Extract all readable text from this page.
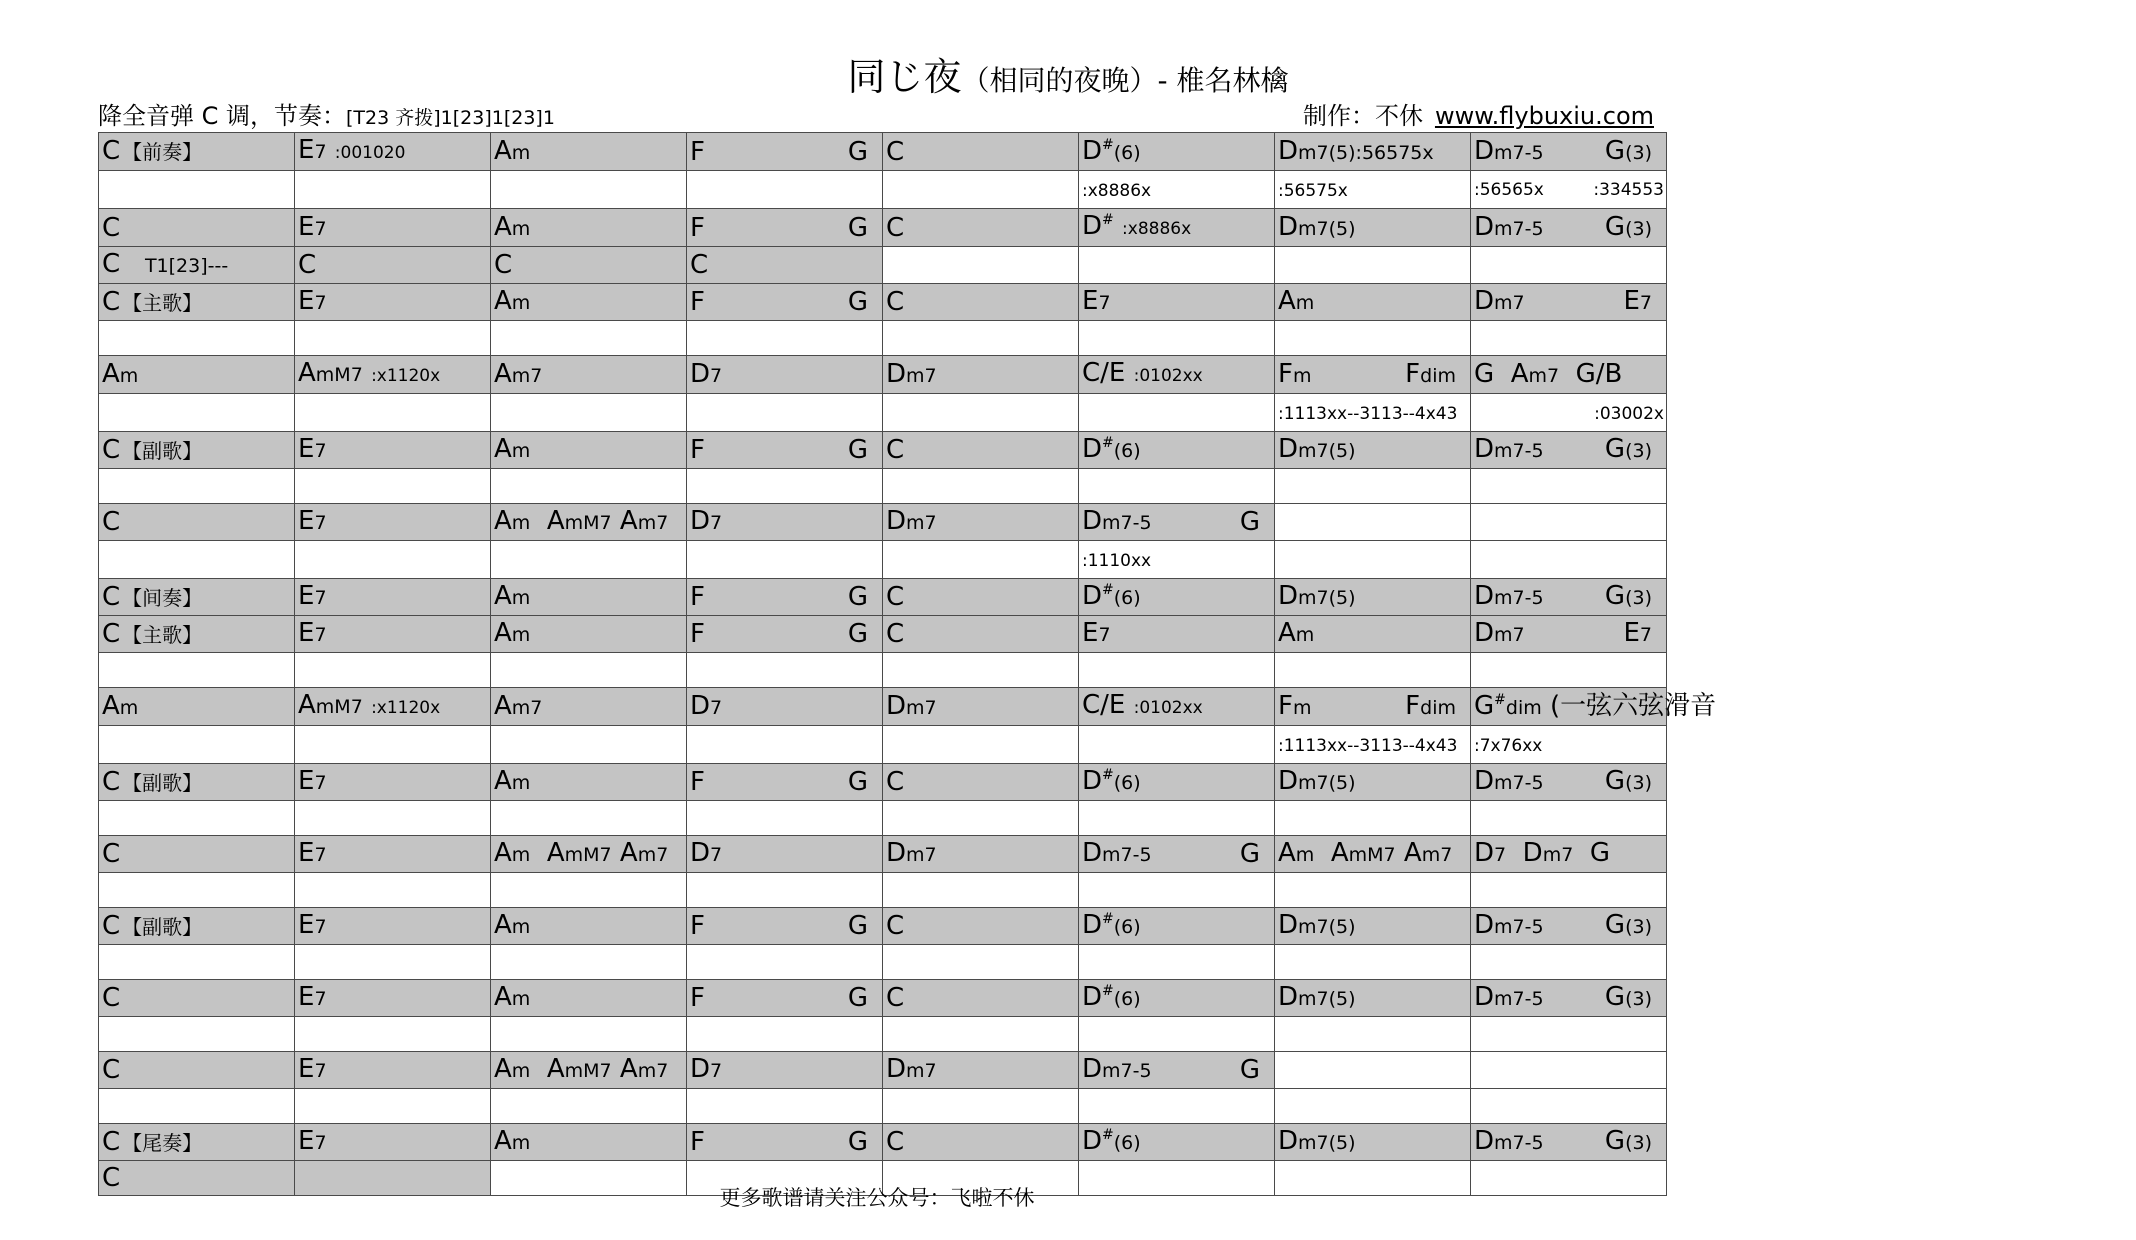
同じ夜（相同的夜晚）- 椎名林檎
降全音弹 C 调，节奏：[T23 齐拨]1[23]1[23]1	制作：不休 www.flybuxiu.com
C 【前奏】	E7 :001020	Am	F G	C	D#(6)	Dm7(5):56575x	Dm7-5 G(3)

					:x8886x	:56575x	:56565x :334553

C	E7	Am	F G	C	D# :x8886x	Dm7(5)	Dm7-5 G(3)

C T1[23]---	C	C	C				
C 【主歌】	E7	Am	F G	C	E7	Am	Dm7 E7

Am	AmM7 :x1120x	Am7	D7	Dm7	C/E :0102xx	Fm Fdim	G Am7 G/B
						:1113xx--3113--4x43	:03002x
C 【副歌】	E7	Am	F G	C	D#(6)	Dm7(5)	Dm7-5 G(3)

C	E7	Am AmM7 Am7	D7	Dm7	Dm7-5 G		

					:1110xx		
C 【间奏】	E7	Am	F G	C	D#(6)	Dm7(5)	Dm7-5 G(3)

C 【主歌】	E7	Am	F G	C	E7	Am	Dm7 E7

Am	AmM7 :x1120x	Am7	D7	Dm7	C/E :0102xx	Fm Fdim	G#dim (一弦六弦滑音
						:1113xx--3113--4x43	:7x76xx
C 【副歌】	E7	Am	F G	C	D#(6)	Dm7(5)	Dm7-5 G(3)

C	E7	Am AmM7 Am7	D7	Dm7	Dm7-5 G	Am AmM7 Am7	D7 Dm7 G

C 【副歌】	E7	Am	F G	C	D#(6)	Dm7(5)	Dm7-5 G(3)

C	E7	Am	F G	C	D#(6)	Dm7(5)	Dm7-5 G(3)

C	E7	Am AmM7 Am7	D7	Dm7	Dm7-5 G		

C 【尾奏】	E7	Am	F G	C	D#(6)	Dm7(5)	Dm7-5 G(3)

C							
更多歌谱请关注公众号：飞啦不休
